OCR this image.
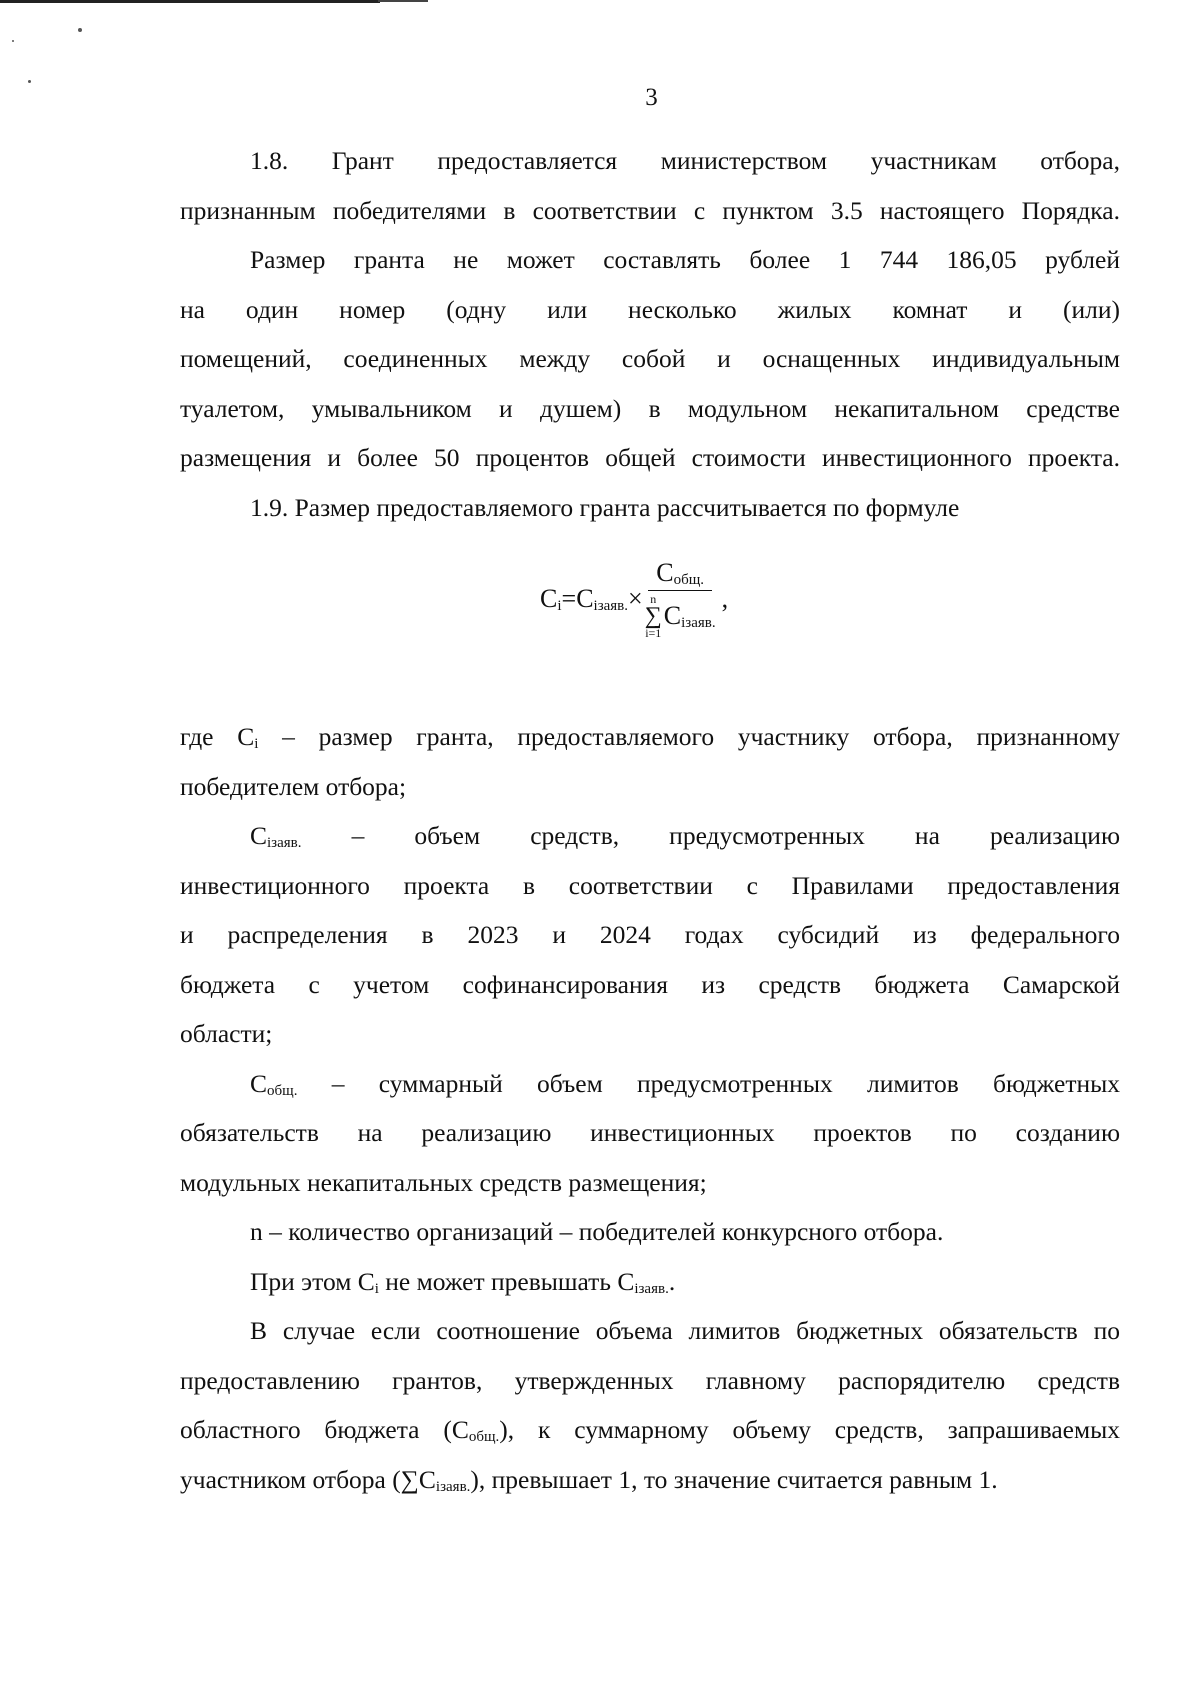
3

1.8. Грант предоставляется министерством участникам отбора,

признанным победителями в соответствии с пунктом 3.5 настоящего Порядка.

Размер гранта не может составлять более 1 744 186,05 рублей

на один номер (одну или несколько жилых комнат и (или)

помещений, соединенных между собой и оснащенных индивидуальным

туалетом, умывальником и душем) в модульном некапитальном средстве

размещения и более 50 процентов общей стоимости инвестиционного проекта.

1.9. Размер предоставляемого гранта рассчитывается по формуле

$C_i = C_{iзаяв.} \times C_{общ.}$
n
∑
i=1
$C_{iзаяв.}$ ,

где $C_i$ – размер гранта, предоставляемого участнику отбора, признанному

победителем отбора;

$C_{iзаяв.}$ – объем средств, предусмотренных на реализацию

инвестиционного проекта в соответствии с Правилами предоставления

и распределения в 2023 и 2024 годах субсидий из федерального

бюджета с учетом софинансирования из средств бюджета Самарской

области;

$C_{общ.}$ – суммарный объем предусмотренных лимитов бюджетных

обязательств на реализацию инвестиционных проектов по созданию

модульных некапитальных средств размещения;

n – количество организаций – победителей конкурсного отбора.

При этом $C_i$ не может превышать $C_{iзаяв.}$.

В случае если соотношение объема лимитов бюджетных обязательств по

предоставлению грантов, утвержденных главному распорядителю средств

областного бюджета $(C_{общ.})$, к суммарному объему средств, запрашиваемых

участником отбора $(\sum C_{iзаяв.})$, превышает 1, то значение считается равным 1.
